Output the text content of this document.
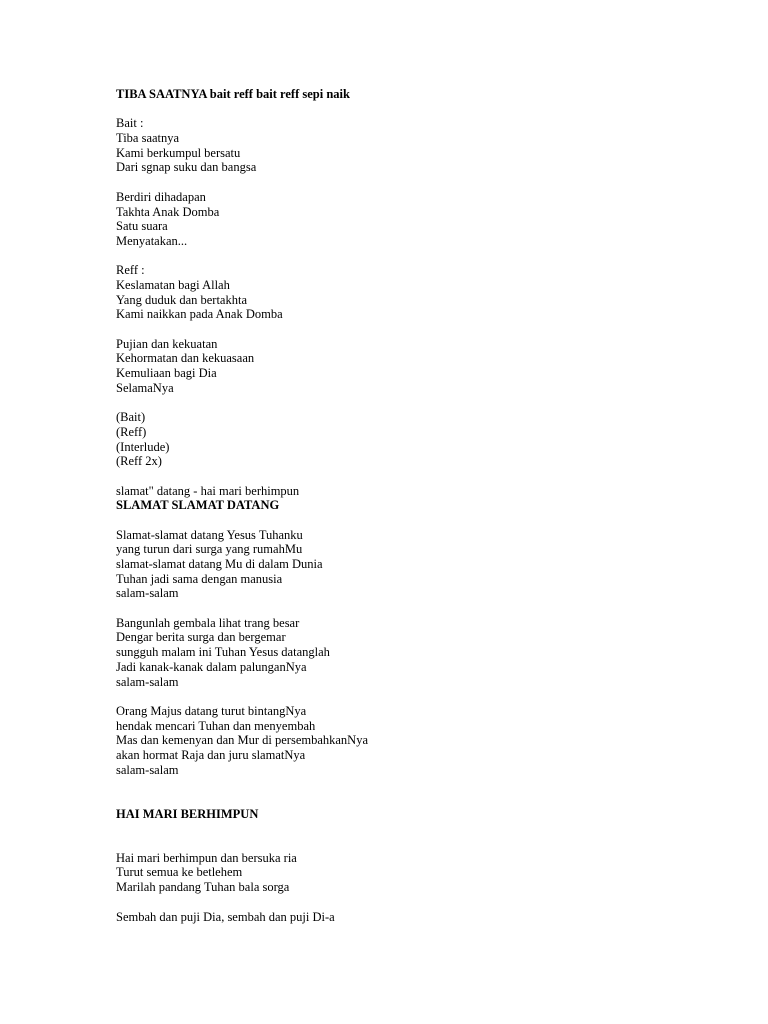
TIBA SAATNYA bait reff bait reff sepi naik
Bait :
Tiba saatnya
Kami berkumpul bersatu
Dari sgnap suku dan bangsa
Berdiri dihadapan
Takhta Anak Domba
Satu suara
Menyatakan...
Reff :
Keslamatan bagi Allah
Yang duduk dan bertakhta
Kami naikkan pada Anak Domba
Pujian dan kekuatan
Kehormatan dan kekuasaan
Kemuliaan bagi Dia
SelamaNya
(Bait)
(Reff)
(Interlude)
(Reff 2x)
slamat" datang - hai mari berhimpun
SLAMAT SLAMAT DATANG
Slamat-slamat datang Yesus Tuhanku
yang turun dari surga yang rumahMu
slamat-slamat datang Mu di dalam Dunia
Tuhan jadi sama dengan manusia
salam-salam
Bangunlah gembala lihat trang besar
Dengar berita surga dan bergemar
sungguh malam ini Tuhan Yesus datanglah
Jadi kanak-kanak dalam palunganNya
salam-salam
Orang Majus datang turut bintangNya
hendak mencari Tuhan dan menyembah
Mas dan kemenyan dan Mur di persembahkanNya
akan hormat Raja dan juru slamatNya
salam-salam
HAI MARI BERHIMPUN
Hai mari berhimpun dan bersuka ria
Turut semua ke betlehem
Marilah pandang Tuhan bala sorga
Sembah dan puji Dia, sembah dan puji Di-a
